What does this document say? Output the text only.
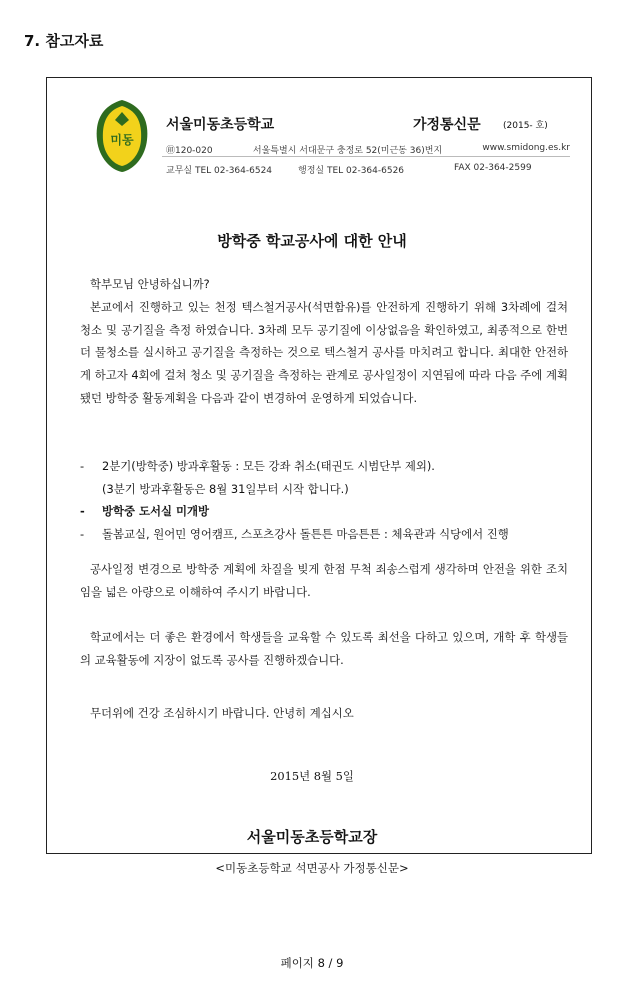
7. 참고자료
미동
서울미동초등학교	가정통신문 (2015- 호)
㊞120-020	서울특별시 서대문구 충정로 52(미근동 36)번지	www.smidong.es.kr
교무실 TEL 02-364-6524	행정실 TEL 02-364-6526	FAX 02-364-2599
방학중 학교공사에 대한 안내
학부모님 안녕하십니까?
본교에서 진행하고 있는 천정 텍스철거공사(석면함유)를 안전하게 진행하기 위해 3차례에 걸쳐 청소 및 공기질을 측정 하였습니다. 3차례 모두 공기질에 이상없음을 확인하였고, 최종적으로 한번 더 물청소를 실시하고 공기질을 측정하는 것으로 텍스철거 공사를 마치려고 합니다. 최대한 안전하게 하고자 4회에 걸쳐 청소 및 공기질을 측정하는 관계로 공사일정이 지연됨에 따라 다음 주에 계획됐던 방학중 활동계획을 다음과 같이 변경하여 운영하게 되었습니다.
-	2분기(방학중) 방과후활동 : 모든 강좌 취소(태권도 시범단부 제외).
(3분기 방과후활동은 8월 31일부터 시작 합니다.)
-	방학중 도서실 미개방
-	돌봄교실, 원어민 영어캠프, 스포츠강사 돌튼튼 마음튼튼 : 체육관과 식당에서 진행
공사일정 변경으로 방학중 계획에 차질을 빚게 한점 무척 죄송스럽게 생각하며 안전을 위한 조치임을 넓은 아량으로 이해하여 주시기 바랍니다.
학교에서는 더 좋은 환경에서 학생들을 교육할 수 있도록 최선을 다하고 있으며, 개학 후 학생들의 교육활동에 지장이 없도록 공사를 진행하겠습니다.
무더위에 건강 조심하시기 바랍니다. 안녕히 계십시오
2015년 8월 5일
서울미동초등학교장
<미동초등학교 석면공사 가정통신문>
페이지 8 / 9
